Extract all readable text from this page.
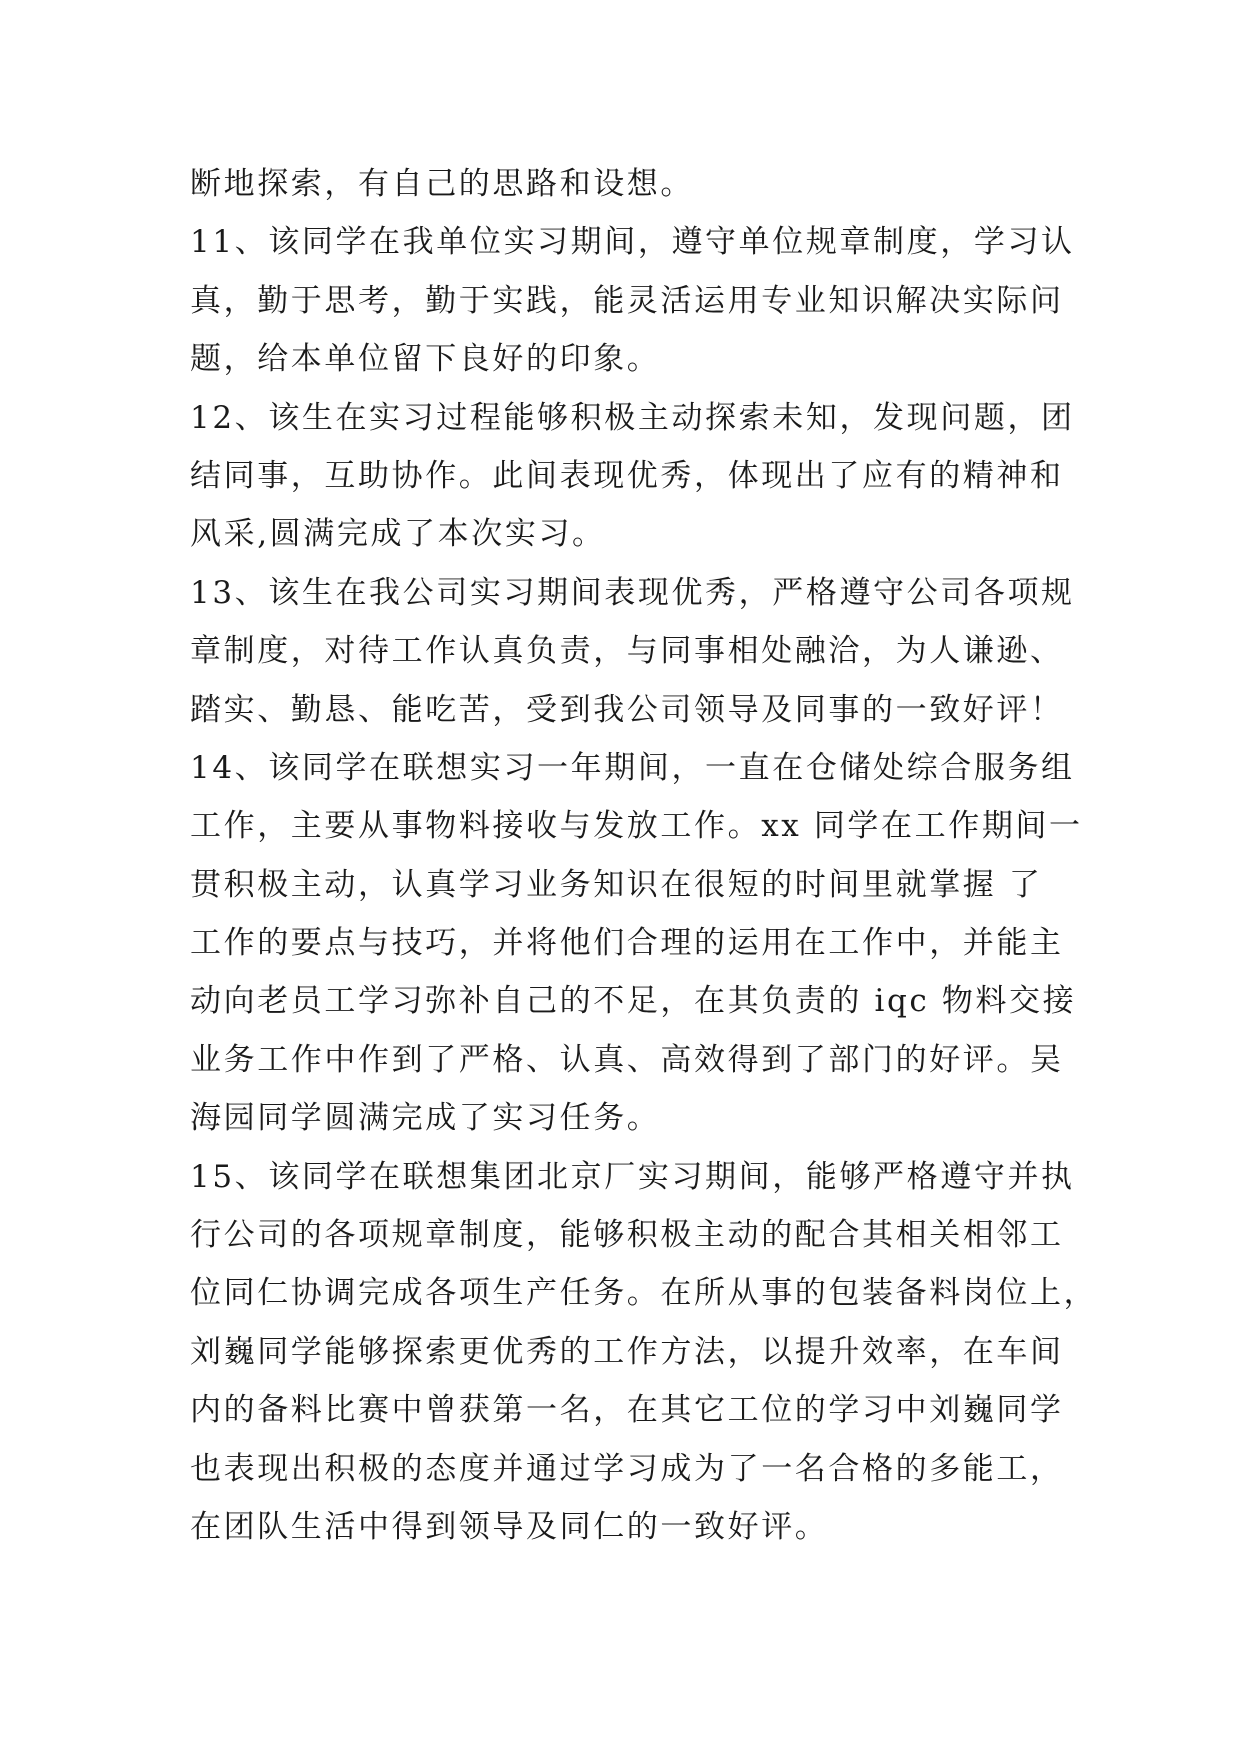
断地探索，有自己的思路和设想。
11、该同学在我单位实习期间，遵守单位规章制度，学习认
真，勤于思考，勤于实践，能灵活运用专业知识解决实际问
题，给本单位留下良好的印象。
12、该生在实习过程能够积极主动探索未知，发现问题，团
结同事，互助协作。此间表现优秀，体现出了应有的精神和
风采,圆满完成了本次实习。
13、该生在我公司实习期间表现优秀，严格遵守公司各项规
章制度，对待工作认真负责，与同事相处融洽，为人谦逊、
踏实、勤恳、能吃苦，受到我公司领导及同事的一致好评！
14、该同学在联想实习一年期间，一直在仓储处综合服务组
工作，主要从事物料接收与发放工作。xx 同学在工作期间一
贯积极主动，认真学习业务知识在很短的时间里就掌握 了
工作的要点与技巧，并将他们合理的运用在工作中，并能主
动向老员工学习弥补自己的不足，在其负责的 iqc 物料交接
业务工作中作到了严格、认真、高效得到了部门的好评。吴
海园同学圆满完成了实习任务。
15、该同学在联想集团北京厂实习期间，能够严格遵守并执
行公司的各项规章制度，能够积极主动的配合其相关相邻工
位同仁协调完成各项生产任务。在所从事的包装备料岗位上，
刘巍同学能够探索更优秀的工作方法，以提升效率，在车间
内的备料比赛中曾获第一名，在其它工位的学习中刘巍同学
也表现出积极的态度并通过学习成为了一名合格的多能工，
在团队生活中得到领导及同仁的一致好评。
